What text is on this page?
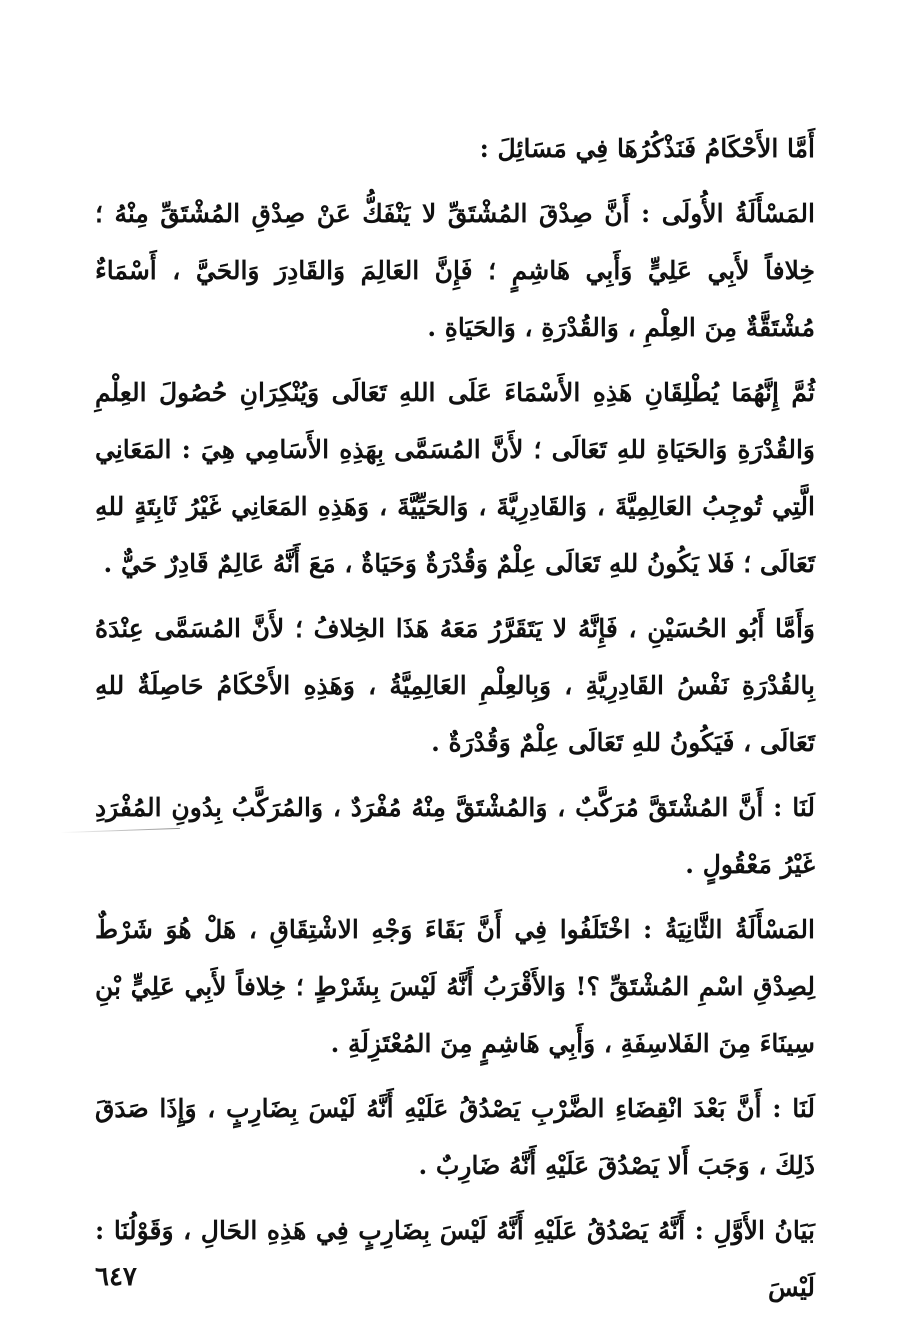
أَمَّا الأَحْكَامُ فَنَذْكُرُهَا فِي مَسَائِلَ :

المَسْأَلَةُ الأُولَى : أَنَّ صِدْقَ المُشْتَقِّ لا يَنْفَكُّ عَنْ صِدْقِ المُشْتَقِّ مِنْهُ ؛ خِلافاً لأَبِي عَلِيٍّ وَأَبِي هَاشِمٍ ؛ فَإِنَّ العَالِمَ وَالقَادِرَ وَالحَيَّ ، أَسْمَاءٌ مُشْتَقَّةٌ مِنَ العِلْمِ ، وَالقُدْرَةِ ، وَالحَيَاةِ .

ثُمَّ إِنَّهُمَا يُطْلِقَانِ هَذِهِ الأَسْمَاءَ عَلَى اللهِ تَعَالَى وَيُنْكِرَانِ حُصُولَ العِلْمِ وَالقُدْرَةِ وَالحَيَاةِ للهِ تَعَالَى ؛ لأَنَّ المُسَمَّى بِهَذِهِ الأَسَامِي هِيَ : المَعَانِي الَّتِي تُوجِبُ العَالِمِيَّةَ ، وَالقَادِرِيَّةَ ، وَالحَيِّيَّةَ ، وَهَذِهِ المَعَانِي غَيْرُ ثَابِتَةٍ للهِ تَعَالَى ؛ فَلا يَكُونُ للهِ تَعَالَى عِلْمٌ وَقُدْرَةٌ وَحَيَاةٌ ، مَعَ أَنَّهُ عَالِمٌ قَادِرٌ حَيٌّ .

وَأَمَّا أَبُو الحُسَيْنِ ، فَإِنَّهُ لا يَتَقَرَّرُ مَعَهُ هَذَا الخِلافُ ؛ لأَنَّ المُسَمَّى عِنْدَهُ بِالقُدْرَةِ نَفْسُ القَادِرِيَّةِ ، وَبِالعِلْمِ العَالِمِيَّةُ ، وَهَذِهِ الأَحْكَامُ حَاصِلَةٌ للهِ تَعَالَى ، فَيَكُونُ للهِ تَعَالَى عِلْمٌ وَقُدْرَةٌ .

لَنَا : أَنَّ المُشْتَقَّ مُرَكَّبٌ ، وَالمُشْتَقَّ مِنْهُ مُفْرَدٌ ، وَالمُرَكَّبُ بِدُونِ المُفْرَدِ غَيْرُ مَعْقُولٍ .

المَسْأَلَةُ الثَّانِيَةُ : اخْتَلَفُوا فِي أَنَّ بَقَاءَ وَجْهِ الاشْتِقَاقِ ، هَلْ هُوَ شَرْطٌ لِصِدْقِ اسْمِ المُشْتَقِّ ؟! وَالأَقْرَبُ أَنَّهُ لَيْسَ بِشَرْطٍ ؛ خِلافاً لأَبِي عَلِيٍّ بْنِ سِينَاءَ مِنَ الفَلاسِفَةِ ، وَأَبِي هَاشِمٍ مِنَ المُعْتَزِلَةِ .

لَنَا : أَنَّ بَعْدَ انْقِضَاءِ الضَّرْبِ يَصْدُقُ عَلَيْهِ أَنَّهُ لَيْسَ بِضَارِبٍ ، وَإِذَا صَدَقَ ذَلِكَ ، وَجَبَ أَلا يَصْدُقَ عَلَيْهِ أَنَّهُ ضَارِبٌ .

بَيَانُ الأَوَّلِ : أَنَّهُ يَصْدُقُ عَلَيْهِ أَنَّهُ لَيْسَ بِضَارِبٍ فِي هَذِهِ الحَالِ ، وَقَوْلُنَا : لَيْسَ

٦٤٧
